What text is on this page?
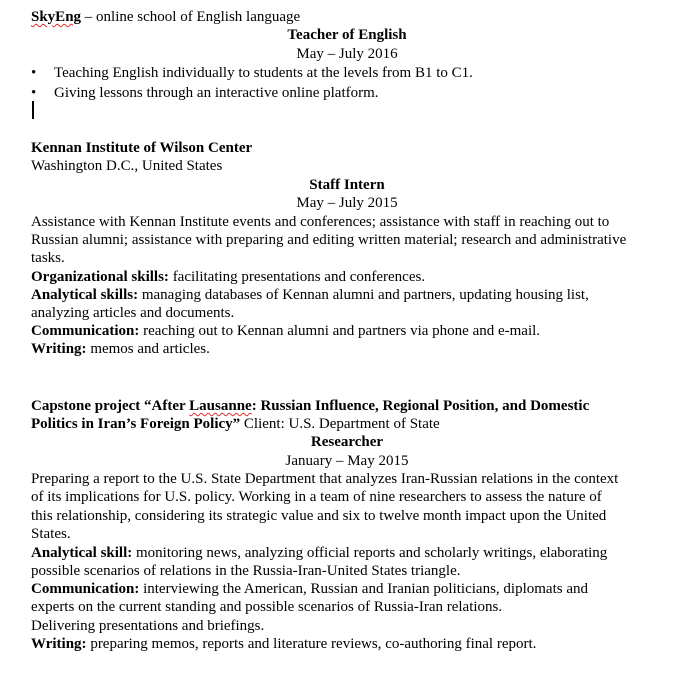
SkyEng – online school of English language
Teacher of English
May – July 2016
• Teaching English individually to students at the levels from B1 to C1.
• Giving lessons through an interactive online platform.
Kennan Institute of Wilson Center
Washington D.C., United States
Staff Intern
May – July 2015
Assistance with Kennan Institute events and conferences; assistance with staff in reaching out to
Russian alumni; assistance with preparing and editing written material; research and administrative
tasks.
Organizational skills: facilitating presentations and conferences.
Analytical skills: managing databases of Kennan alumni and partners, updating housing list,
analyzing articles and documents.
Communication: reaching out to Kennan alumni and partners via phone and e-mail.
Writing: memos and articles.
Capstone project “After Lausanne: Russian Influence, Regional Position, and Domestic
Politics in Iran’s Foreign Policy” Client: U.S. Department of State
Researcher
January – May 2015
Preparing a report to the U.S. State Department that analyzes Iran-Russian relations in the context
of its implications for U.S. policy. Working in a team of nine researchers to assess the nature of
this relationship, considering its strategic value and six to twelve month impact upon the United
States.
Analytical skill: monitoring news, analyzing official reports and scholarly writings, elaborating
possible scenarios of relations in the Russia-Iran-United States triangle.
Communication: interviewing the American, Russian and Iranian politicians, diplomats and
experts on the current standing and possible scenarios of Russia-Iran relations.
Delivering presentations and briefings.
Writing: preparing memos, reports and literature reviews, co-authoring final report.
